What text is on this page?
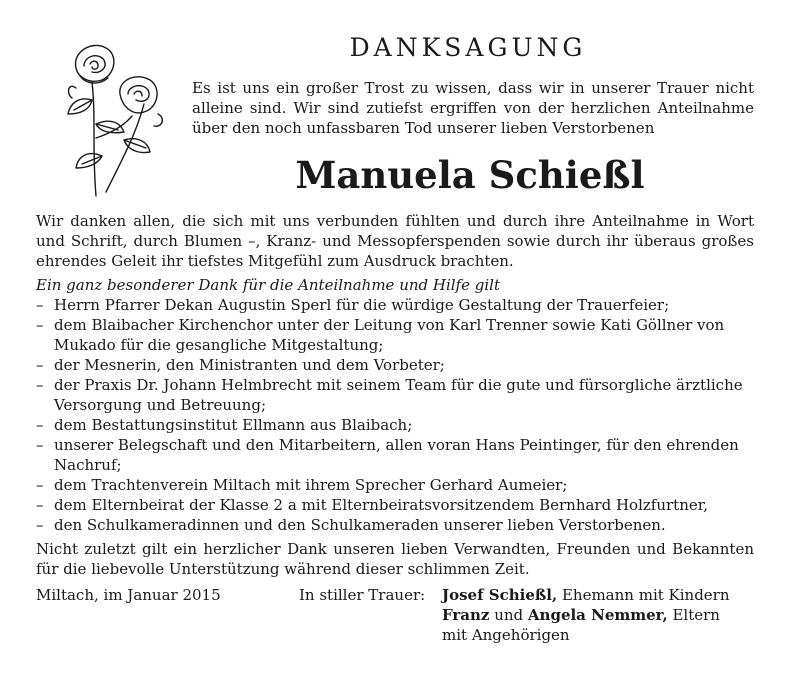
DANKSAGUNG

Es ist uns ein großer Trost zu wissen, dass wir in unserer Trauer nicht alleine sind. Wir sind zutiefst ergriffen von der herzlichen Anteilnahme über den noch unfassbaren Tod unserer lieben Verstorbenen

Manuela Schießl

Wir danken allen, die sich mit uns verbunden fühlten und durch ihre Anteilnahme in Wort und Schrift, durch Blumen –, Kranz- und Messopferspenden sowie durch ihr überaus großes ehrendes Geleit ihr tiefstes Mitgefühl zum Ausdruck brachten.

Ein ganz besonderer Dank für die Anteilnahme und Hilfe gilt

– Herrn Pfarrer Dekan Augustin Sperl für die würdige Gestaltung der Trauerfeier;
– dem Blaibacher Kirchenchor unter der Leitung von Karl Trenner sowie Kati Göllner von Mukado für die gesangliche Mitgestaltung;
– der Mesnerin, den Ministranten und dem Vorbeter;
– der Praxis Dr. Johann Helmbrecht mit seinem Team für die gute und fürsorgliche ärztliche Versorgung und Betreuung;
– dem Bestattungsinstitut Ellmann aus Blaibach;
– unserer Belegschaft und den Mitarbeitern, allen voran Hans Peintinger, für den ehrenden Nachruf;
– dem Trachtenverein Miltach mit ihrem Sprecher Gerhard Aumeier;
– dem Elternbeirat der Klasse 2 a mit Elternbeiratsvorsitzendem Bernhard Holzfurtner,
– den Schulkameradinnen und den Schulkameraden unserer lieben Verstorbenen.

Nicht zuletzt gilt ein herzlicher Dank unseren lieben Verwandten, Freunden und Bekannten für die liebevolle Unterstützung während dieser schlimmen Zeit.

Miltach, im Januar 2015	In stiller Trauer: Josef Schießl, Ehemann mit Kindern
Franz und Angela Nemmer, Eltern
mit Angehörigen
